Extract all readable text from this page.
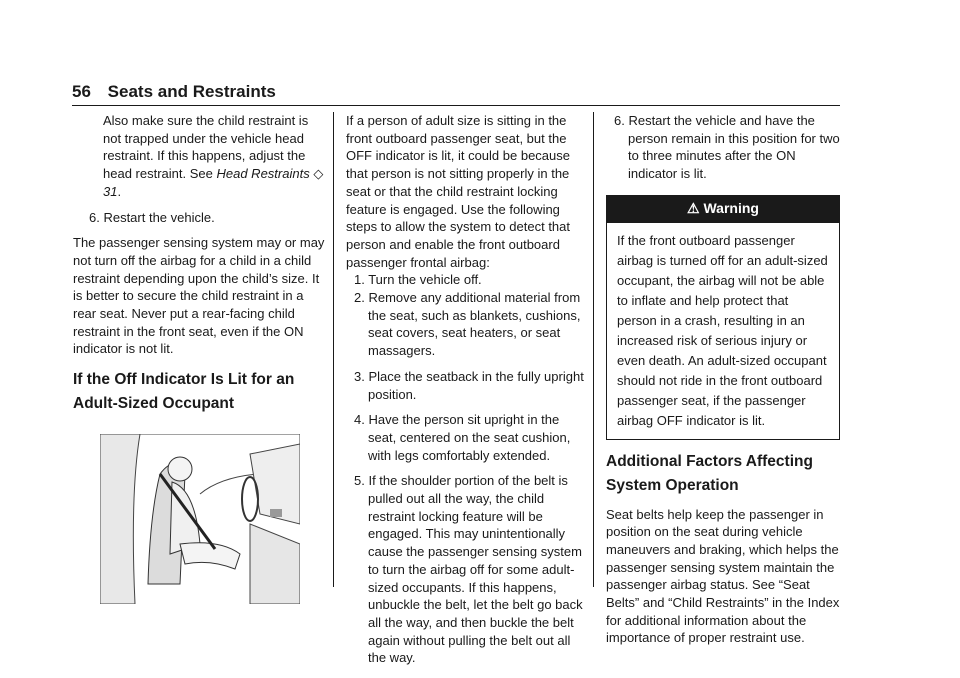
56 Seats and Restraints

Also make sure the child restraint is not trapped under the vehicle head restraint. If this happens, adjust the head restraint. See Head Restraints ◇ 31.

6. Restart the vehicle.

The passenger sensing system may or may not turn off the airbag for a child in a child restraint depending upon the child’s size. It is better to secure the child restraint in a rear seat. Never put a rear-facing child restraint in the front seat, even if the ON indicator is not lit.

If the Off Indicator Is Lit for an Adult-Sized Occupant

If a person of adult size is sitting in the front outboard passenger seat, but the OFF indicator is lit, it could be because that person is not sitting properly in the seat or that the child restraint locking feature is engaged. Use the following steps to allow the system to detect that person and enable the front outboard passenger frontal airbag:

1. Turn the vehicle off.

2. Remove any additional material from the seat, such as blankets, cushions, seat covers, seat heaters, or seat massagers.

3. Place the seatback in the fully upright position.

4. Have the person sit upright in the seat, centered on the seat cushion, with legs comfortably extended.

5. If the shoulder portion of the belt is pulled out all the way, the child restraint locking feature will be engaged. This may unintentionally cause the passenger sensing system to turn the airbag off for some adult-sized occupants. If this happens, unbuckle the belt, let the belt go back all the way, and then buckle the belt again without pulling the belt out all the way.

6. Restart the vehicle and have the person remain in this position for two to three minutes after the ON indicator is lit.

⚠ Warning
If the front outboard passenger airbag is turned off for an adult-sized occupant, the airbag will not be able to inflate and help protect that person in a crash, resulting in an increased risk of serious injury or even death. An adult-sized occupant should not ride in the front outboard passenger seat, if the passenger airbag OFF indicator is lit.

Additional Factors Affecting System Operation

Seat belts help keep the passenger in position on the seat during vehicle maneuvers and braking, which helps the passenger sensing system maintain the passenger airbag status. See “Seat Belts” and “Child Restraints” in the Index for additional information about the importance of proper restraint use.
